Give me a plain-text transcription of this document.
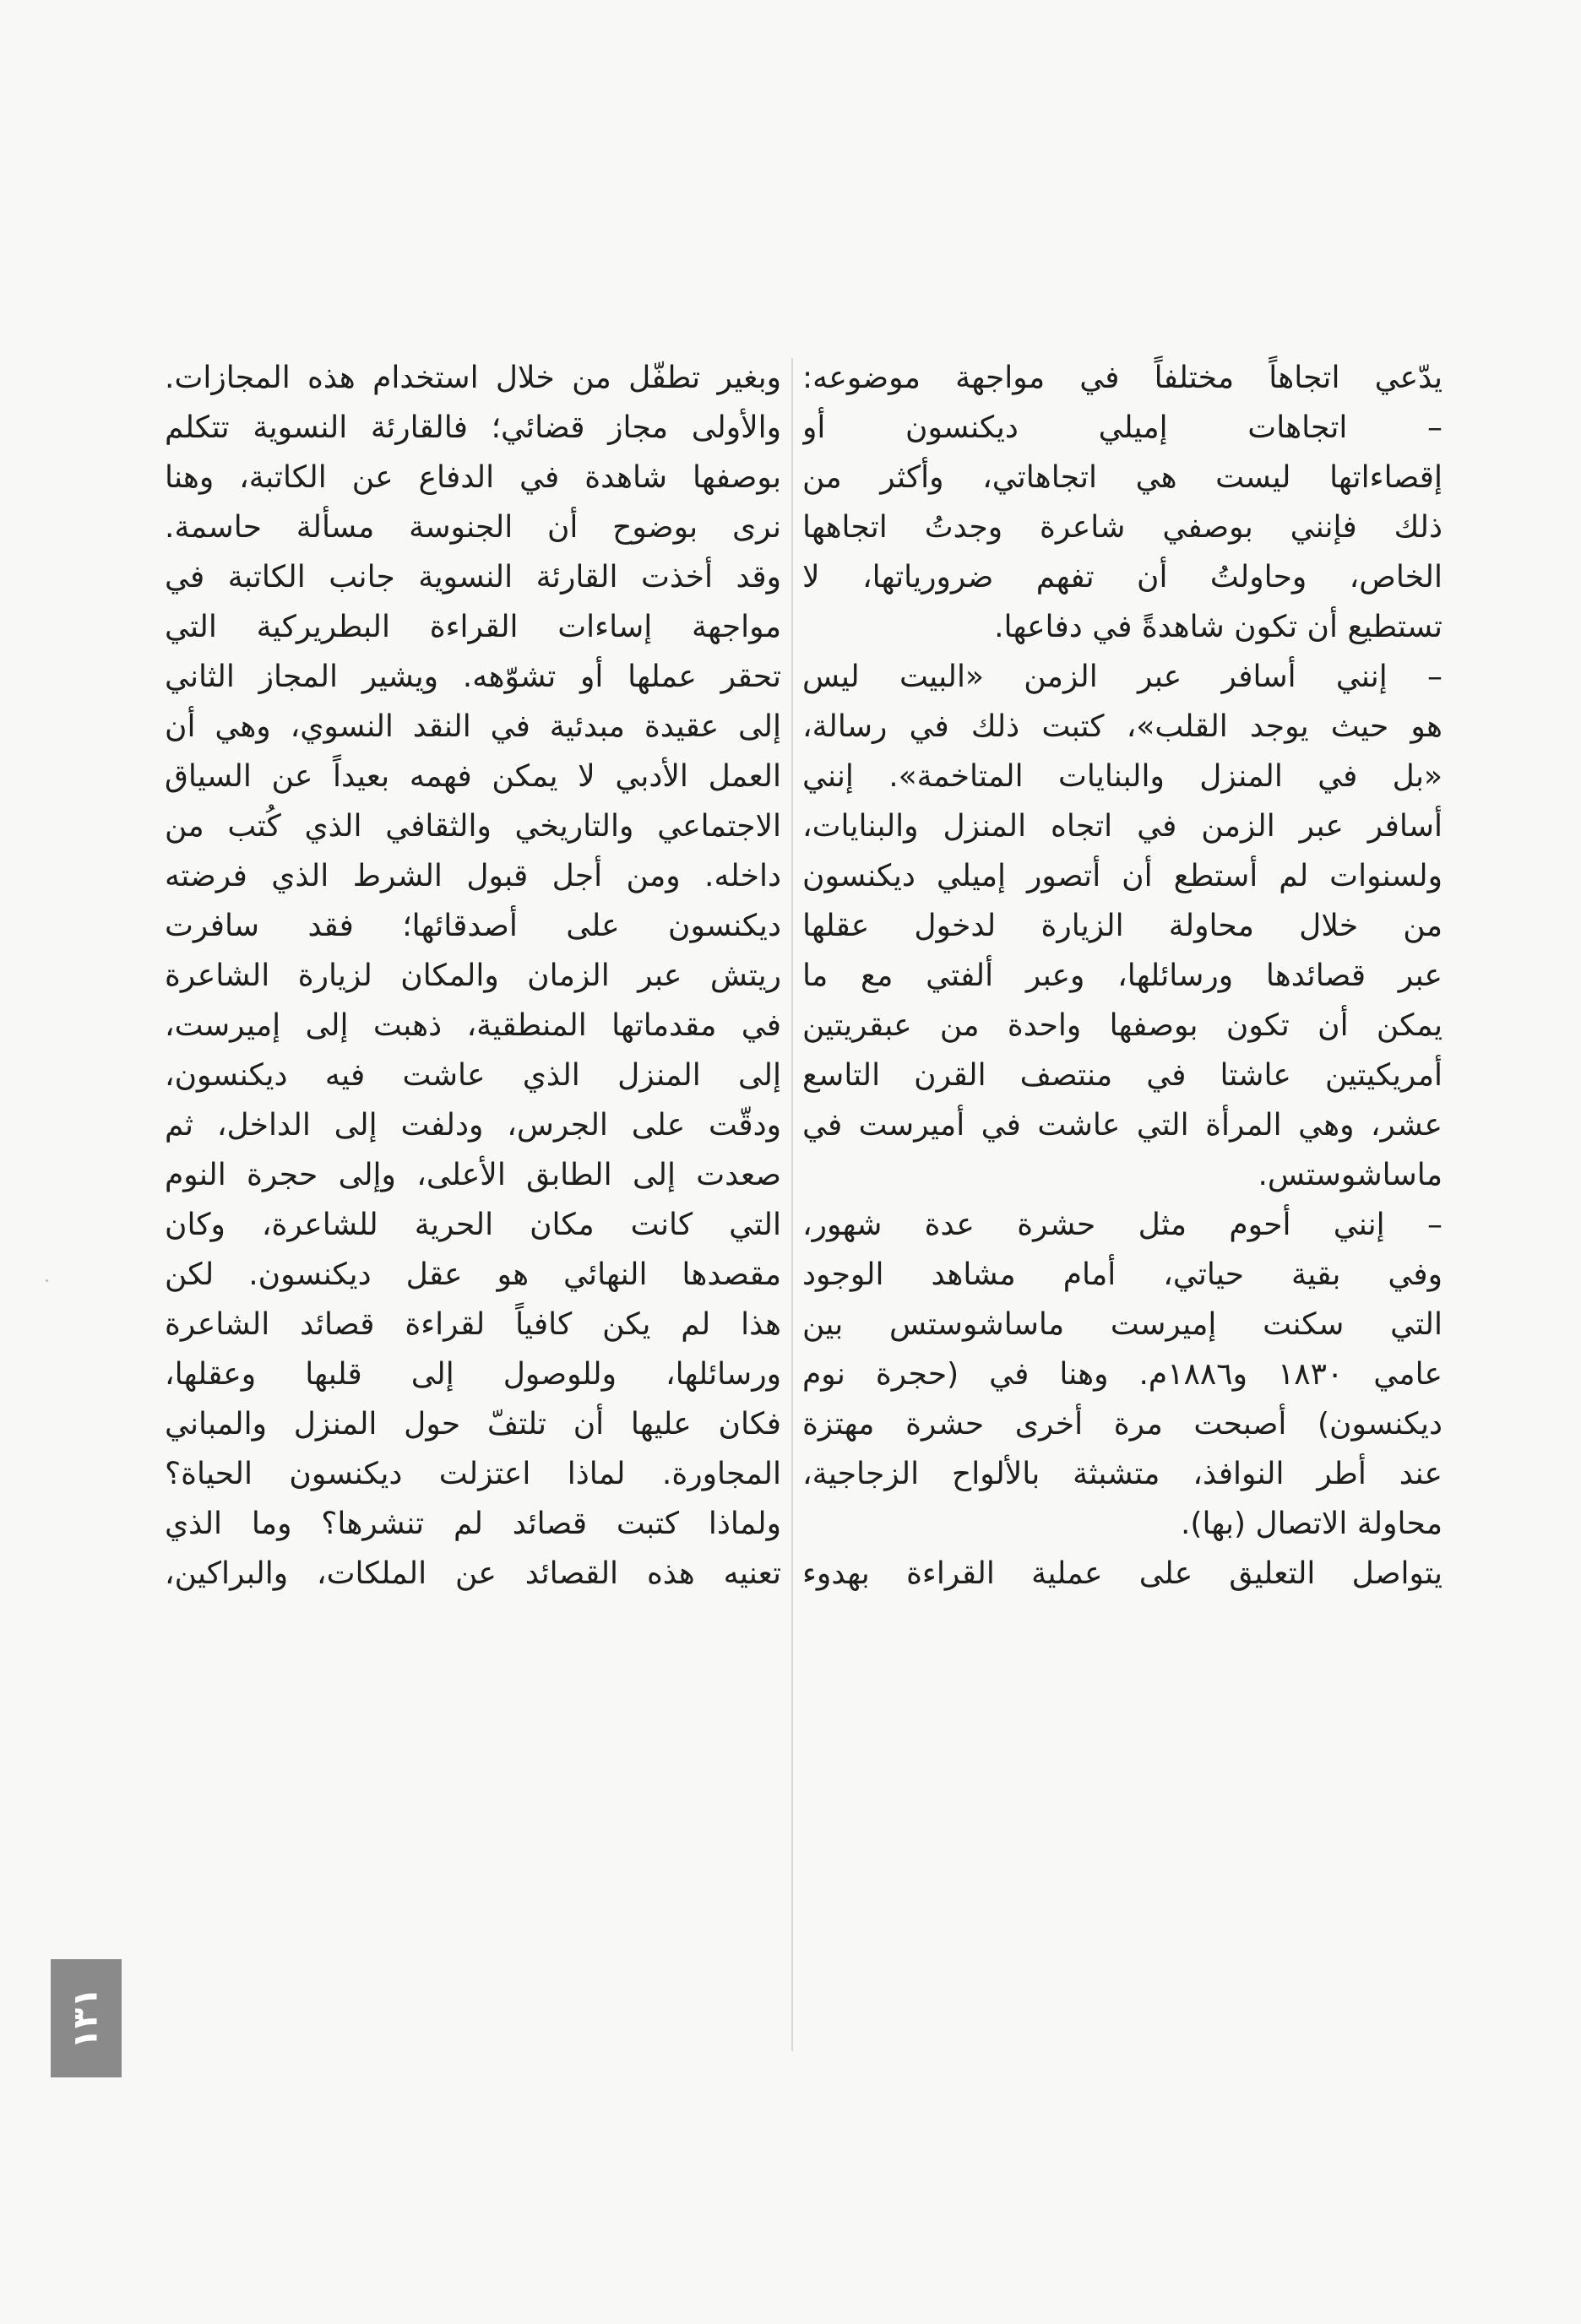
يدّعي اتجاهاً مختلفاً في مواجهة موضوعه:
– اتجاهات إميلي ديكنسون أو
إقصاءاتها ليست هي اتجاهاتي، وأكثر من
ذلك فإنني بوصفي شاعرة وجدتُ اتجاهها
الخاص، وحاولتُ أن تفهم ضرورياتها، لا
تستطيع أن تكون شاهدةً في دفاعها.
– إنني أسافر عبر الزمن «البيت ليس
هو حيث يوجد القلب»، كتبت ذلك في رسالة،
«بل في المنزل والبنايات المتاخمة». إنني
أسافر عبر الزمن في اتجاه المنزل والبنايات،
ولسنوات لم أستطع أن أتصور إميلي ديكنسون
من خلال محاولة الزيارة لدخول عقلها
عبر قصائدها ورسائلها، وعبر ألفتي مع ما
يمكن أن تكون بوصفها واحدة من عبقريتين
أمريكيتين عاشتا في منتصف القرن التاسع
عشر، وهي المرأة التي عاشت في أميرست في
ماساشوستس.
– إنني أحوم مثل حشرة عدة شهور،
وفي بقية حياتي، أمام مشاهد الوجود
التي سكنت إميرست ماساشوستس بين
عامي ١٨٣٠ و١٨٨٦م. وهنا في (حجرة نوم
ديكنسون) أصبحت مرة أخرى حشرة مهتزة
عند أطر النوافذ، متشبثة بالألواح الزجاجية،
محاولة الاتصال (بها).
يتواصل التعليق على عملية القراءة بهدوء
وبغير تطفّل من خلال استخدام هذه المجازات.
والأولى مجاز قضائي؛ فالقارئة النسوية تتكلم
بوصفها شاهدة في الدفاع عن الكاتبة، وهنا
نرى بوضوح أن الجنوسة مسألة حاسمة.
وقد أخذت القارئة النسوية جانب الكاتبة في
مواجهة إساءات القراءة البطريركية التي
تحقر عملها أو تشوّهه. ويشير المجاز الثاني
إلى عقيدة مبدئية في النقد النسوي، وهي أن
العمل الأدبي لا يمكن فهمه بعيداً عن السياق
الاجتماعي والتاريخي والثقافي الذي كُتب من
داخله. ومن أجل قبول الشرط الذي فرضته
ديكنسون على أصدقائها؛ فقد سافرت
ريتش عبر الزمان والمكان لزيارة الشاعرة
في مقدماتها المنطقية، ذهبت إلى إميرست،
إلى المنزل الذي عاشت فيه ديكنسون،
ودقّت على الجرس، ودلفت إلى الداخل، ثم
صعدت إلى الطابق الأعلى، وإلى حجرة النوم
التي كانت مكان الحرية للشاعرة، وكان
مقصدها النهائي هو عقل ديكنسون. لكن
هذا لم يكن كافياً لقراءة قصائد الشاعرة
ورسائلها، وللوصول إلى قلبها وعقلها،
فكان عليها أن تلتفّ حول المنزل والمباني
المجاورة. لماذا اعتزلت ديكنسون الحياة؟
ولماذا كتبت قصائد لم تنشرها؟ وما الذي
تعنيه هذه القصائد عن الملكات، والبراكين،
١٣١
